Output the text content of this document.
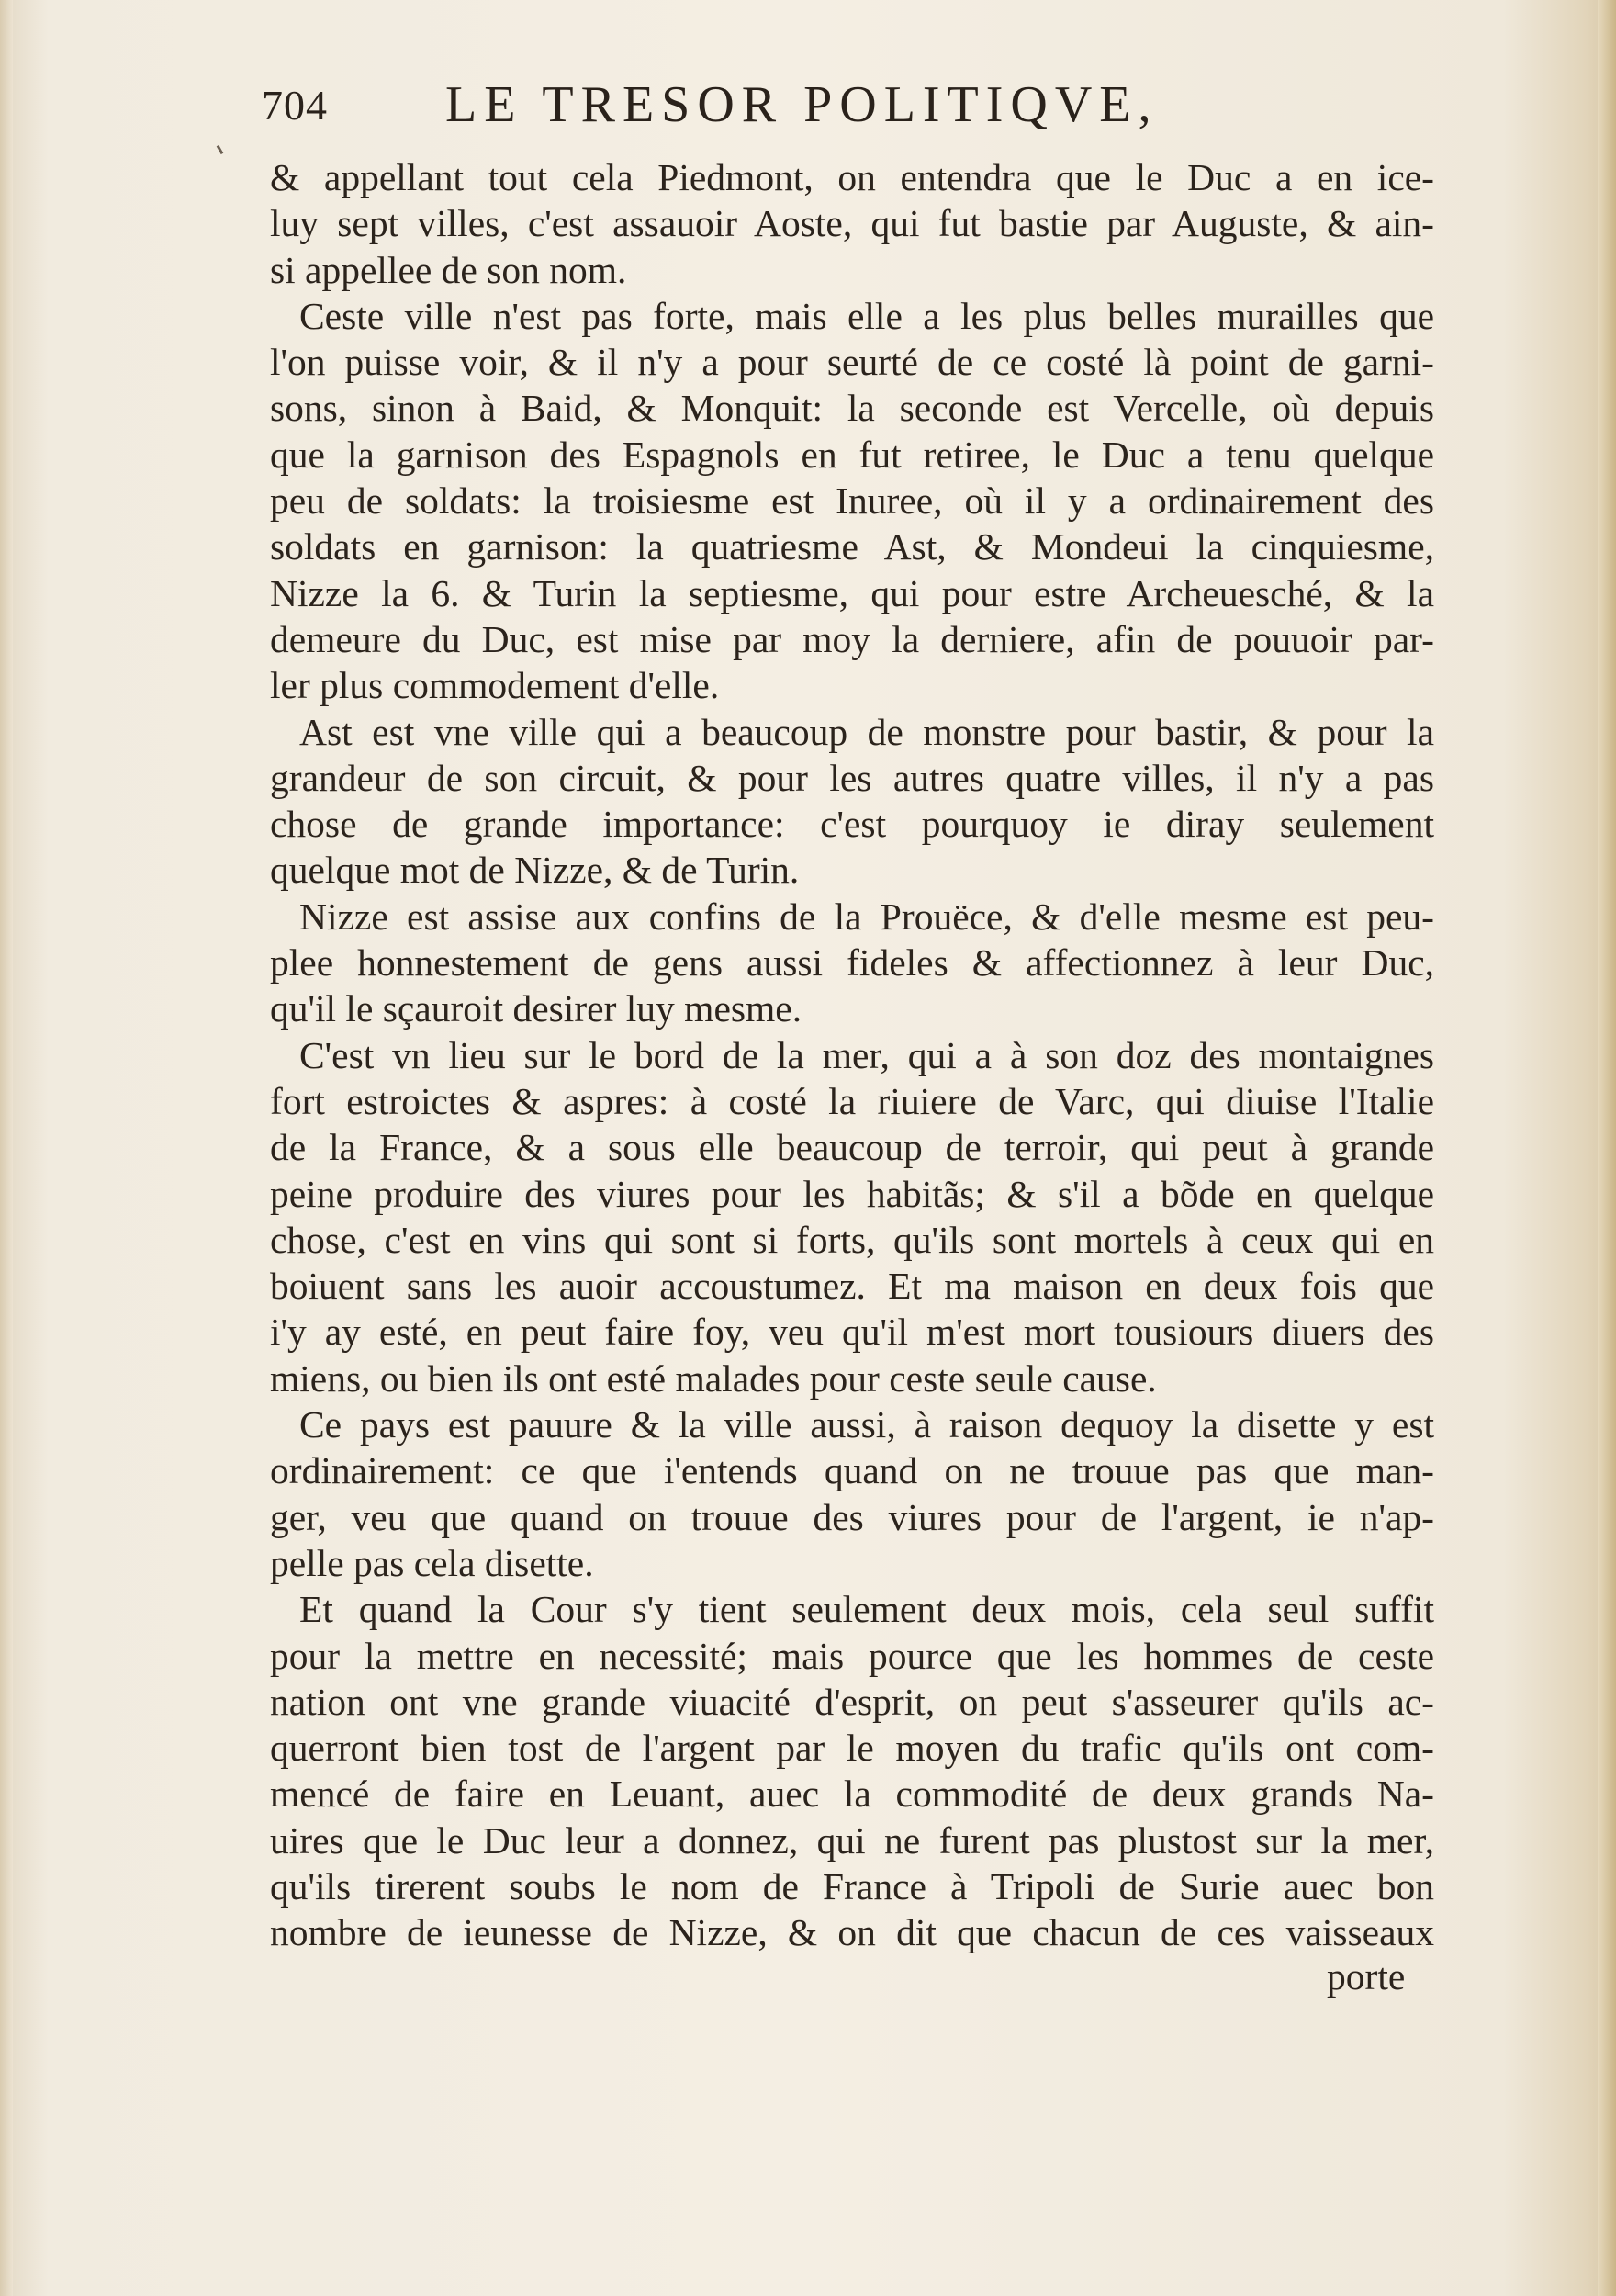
704 LE TRESOR POLITIQVE,
& appellant tout cela Piedmont, on entendra que le Duc a en ice-
luy sept villes, c'est assauoir Aoste, qui fut bastie par Auguste, & ain-
si appellee de son nom.
Ceste ville n'est pas forte, mais elle a les plus belles murailles que
l'on puisse voir, & il n'y a pour seurté de ce costé là point de garni-
sons, sinon à Baid, & Monquit: la seconde est Vercelle, où depuis
que la garnison des Espagnols en fut retiree, le Duc a tenu quelque
peu de soldats: la troisiesme est Inuree, où il y a ordinairement des
soldats en garnison: la quatriesme Ast, & Mondeui la cinquiesme,
Nizze la 6. & Turin la septiesme, qui pour estre Archeuesché, & la
demeure du Duc, est mise par moy la derniere, afin de pouuoir par-
ler plus commodement d'elle.
Ast est vne ville qui a beaucoup de monstre pour bastir, & pour la
grandeur de son circuit, & pour les autres quatre villes, il n'y a pas
chose de grande importance: c'est pourquoy ie diray seulement
quelque mot de Nizze, & de Turin.
Nizze est assise aux confins de la Prouëce, & d'elle mesme est peu-
plee honnestement de gens aussi fideles & affectionnez à leur Duc,
qu'il le sçauroit desirer luy mesme.
C'est vn lieu sur le bord de la mer, qui a à son doz des montaignes
fort estroictes & aspres: à costé la riuiere de Varc, qui diuise l'Italie
de la France, & a sous elle beaucoup de terroir, qui peut à grande
peine produire des viures pour les habitãs; & s'il a bõde en quelque
chose, c'est en vins qui sont si forts, qu'ils sont mortels à ceux qui en
boiuent sans les auoir accoustumez. Et ma maison en deux fois que
i'y ay esté, en peut faire foy, veu qu'il m'est mort tousiours diuers des
miens, ou bien ils ont esté malades pour ceste seule cause.
Ce pays est pauure & la ville aussi, à raison dequoy la disette y est
ordinairement: ce que i'entends quand on ne trouue pas que man-
ger, veu que quand on trouue des viures pour de l'argent, ie n'ap-
pelle pas cela disette.
Et quand la Cour s'y tient seulement deux mois, cela seul suffit
pour la mettre en necessité; mais pource que les hommes de ceste
nation ont vne grande viuacité d'esprit, on peut s'asseurer qu'ils ac-
querront bien tost de l'argent par le moyen du trafic qu'ils ont com-
mencé de faire en Leuant, auec la commodité de deux grands Na-
uires que le Duc leur a donnez, qui ne furent pas plustost sur la mer,
qu'ils tirerent soubs le nom de France à Tripoli de Surie auec bon
nombre de ieunesse de Nizze, & on dit que chacun de ces vaisseaux
porte
